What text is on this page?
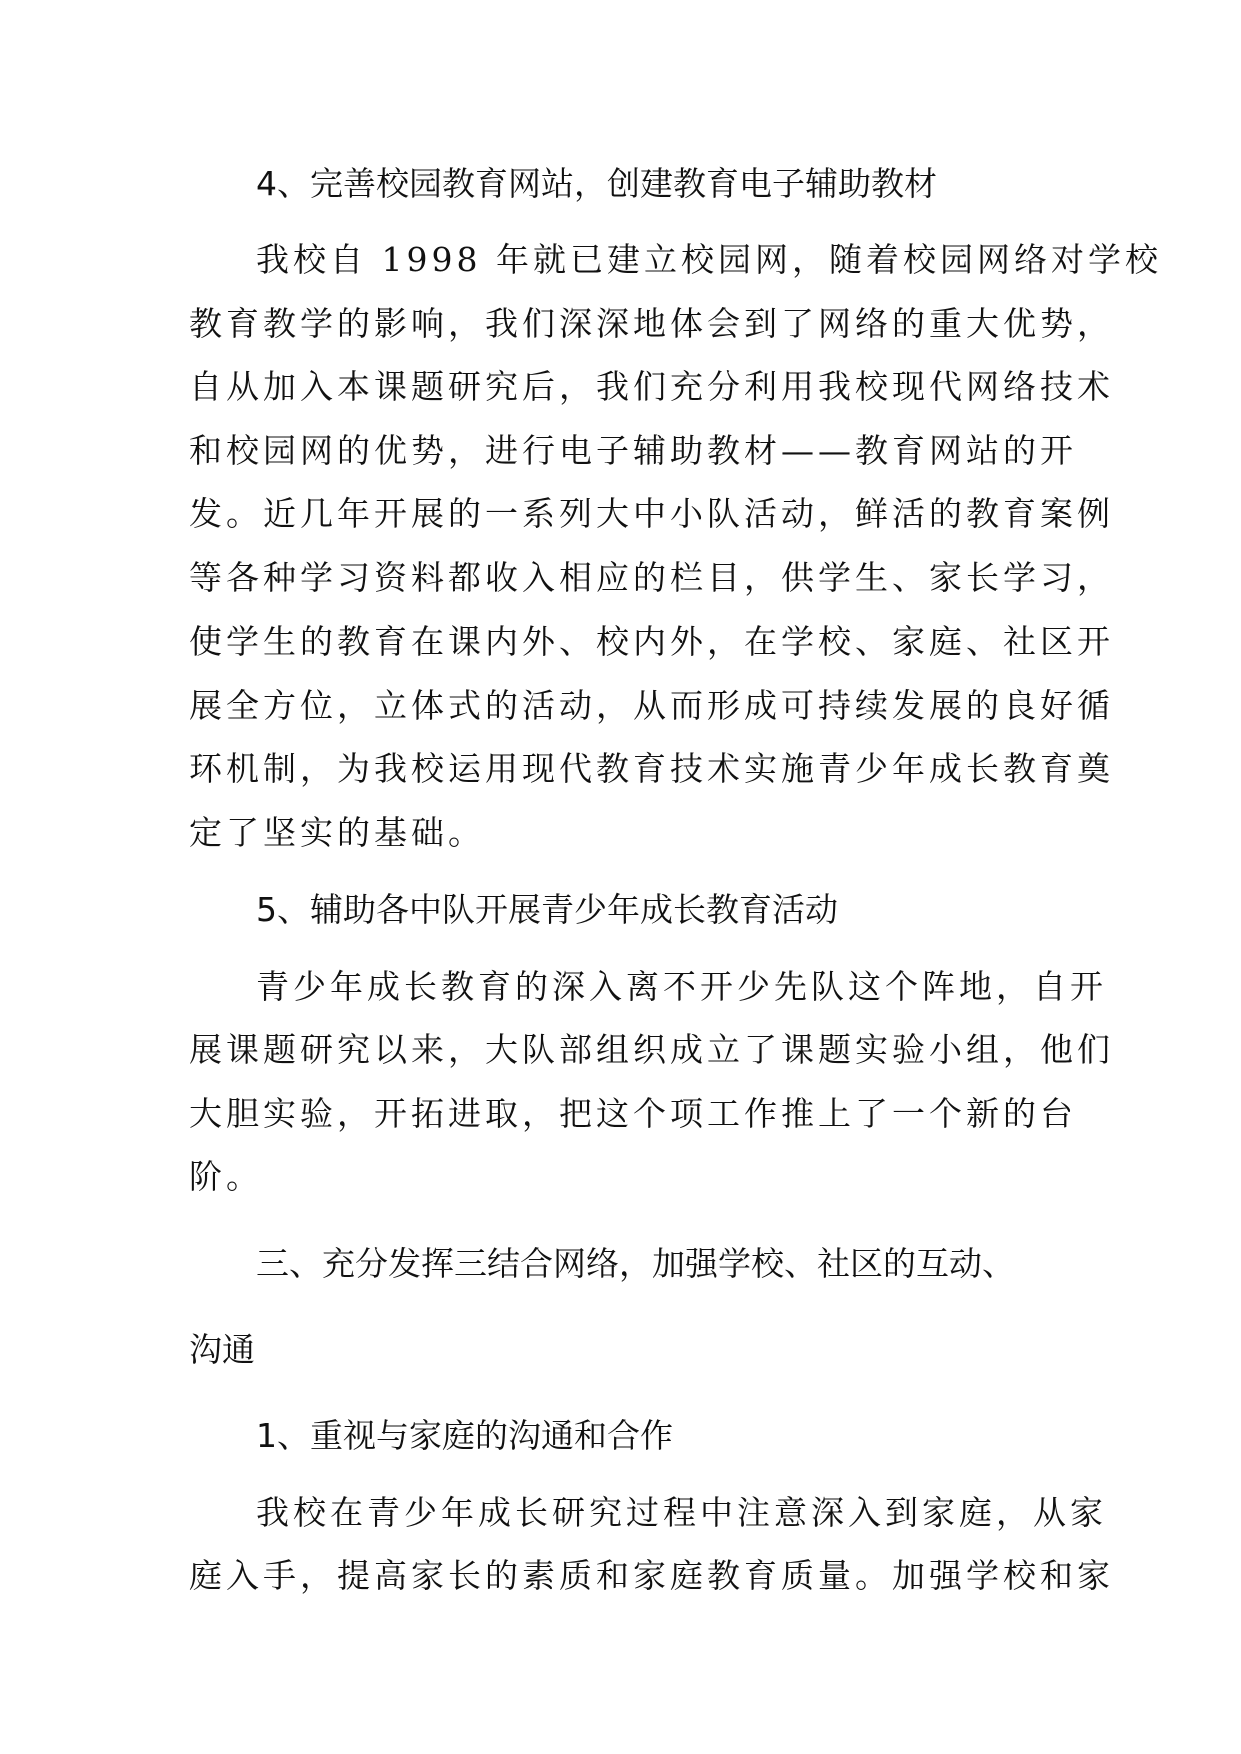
4、完善校园教育网站，创建教育电子辅助教材
我校自 1998 年就已建立校园网，随着校园网络对学校
教育教学的影响，我们深深地体会到了网络的重大优势，
自从加入本课题研究后，我们充分利用我校现代网络技术
和校园网的优势，进行电子辅助教材——教育网站的开
发。近几年开展的一系列大中小队活动，鲜活的教育案例
等各种学习资料都收入相应的栏目，供学生、家长学习，
使学生的教育在课内外、校内外，在学校、家庭、社区开
展全方位，立体式的活动，从而形成可持续发展的良好循
环机制，为我校运用现代教育技术实施青少年成长教育奠
定了坚实的基础。
5、辅助各中队开展青少年成长教育活动
青少年成长教育的深入离不开少先队这个阵地，自开
展课题研究以来，大队部组织成立了课题实验小组，他们
大胆实验，开拓进取，把这个项工作推上了一个新的台
阶。
三、充分发挥三结合网络，加强学校、社区的互动、
沟通
1、重视与家庭的沟通和合作
我校在青少年成长研究过程中注意深入到家庭，从家
庭入手，提高家长的素质和家庭教育质量。加强学校和家
